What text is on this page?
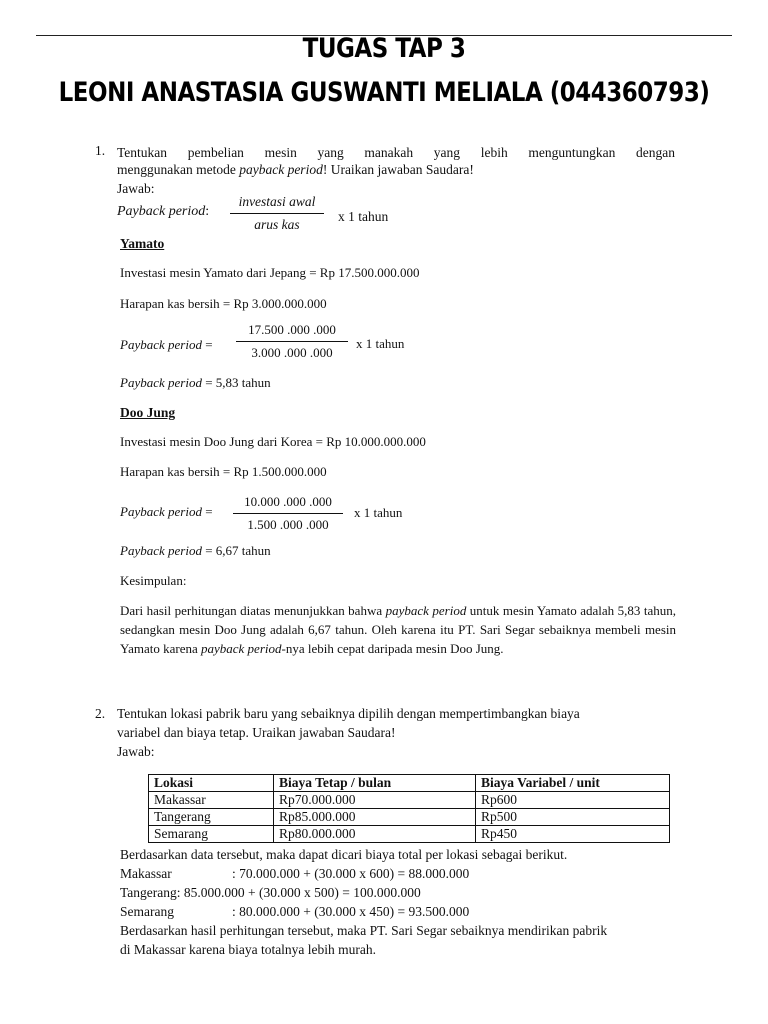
TUGAS TAP 3
LEONI ANASTASIA GUSWANTI MELIALA (044360793)
1. Tentukan pembelian mesin yang manakah yang lebih menguntungkan dengan
menggunakan metode payback period! Uraikan jawaban Saudara!
Jawab:
Payback period:
investasi awal
arus kas
x 1 tahun
Yamato
Investasi mesin Yamato dari Jepang = Rp 17.500.000.000
Harapan kas bersih = Rp 3.000.000.000
Payback period = $\frac{17.500 .000 .000}{3.000 .000 .000}$ x 1 tahun
Payback period = 5,83 tahun
Doo Jung
Investasi mesin Doo Jung dari Korea = Rp 10.000.000.000
Harapan kas bersih = Rp 1.500.000.000
Payback period = $\frac{10.000 .000 .000}{1.500 .000 .000}$ x 1 tahun
Payback period = 6,67 tahun
Kesimpulan:
Dari hasil perhitungan diatas menunjukkan bahwa payback period untuk mesin Yamato adalah 5,83 tahun, sedangkan mesin Doo Jung adalah 6,67 tahun. Oleh karena itu PT. Sari Segar sebaiknya membeli mesin Yamato karena payback period-nya lebih cepat daripada mesin Doo Jung.
2. Tentukan lokasi pabrik baru yang sebaiknya dipilih dengan mempertimbangkan biaya
variabel dan biaya tetap. Uraikan jawaban Saudara!
Jawab:
Lokasi	Biaya Tetap / bulan	Biaya Variabel / unit
Makassar	Rp70.000.000	Rp600
Tangerang	Rp85.000.000	Rp500
Semarang	Rp80.000.000	Rp450
Berdasarkan data tersebut, maka dapat dicari biaya total per lokasi sebagai berikut.
Makassar	: 70.000.000 + (30.000 x 600) = 88.000.000
Tangerang: 85.000.000 + (30.000 x 500) = 100.000.000
Semarang	: 80.000.000 + (30.000 x 450) = 93.500.000
Berdasarkan hasil perhitungan tersebut, maka PT. Sari Segar sebaiknya mendirikan pabrik
di Makassar karena biaya totalnya lebih murah.
